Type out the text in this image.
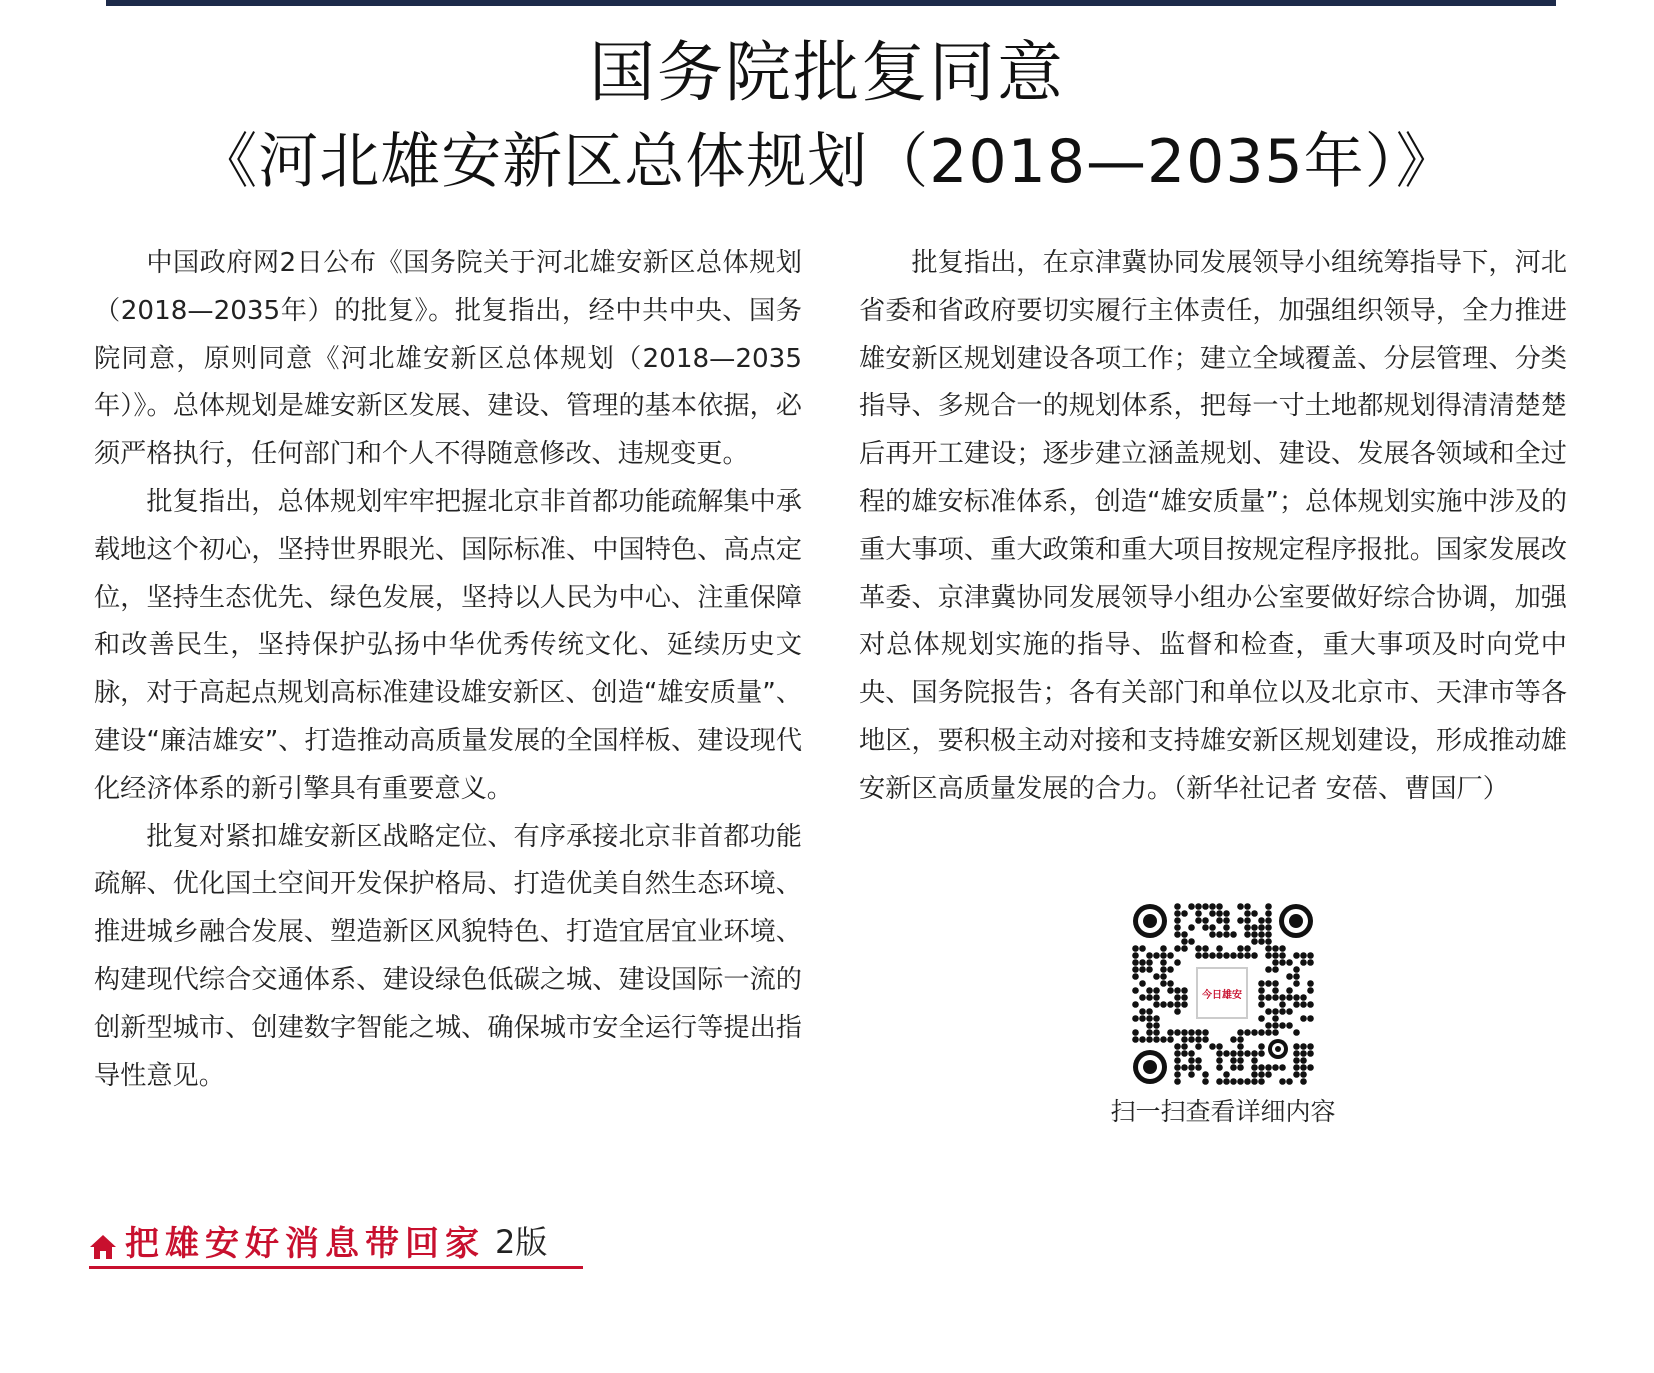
国务院批复同意
《河北雄安新区总体规划（2018—2035年）》

中国政府网2日公布《国务院关于河北雄安新区总体规划（2018—2035年）的批复》。批复指出，经中共中央、国务院同意，原则同意《河北雄安新区总体规划（2018—2035年）》。总体规划是雄安新区发展、建设、管理的基本依据，必须严格执行，任何部门和个人不得随意修改、违规变更。

批复指出，总体规划牢牢把握北京非首都功能疏解集中承载地这个初心，坚持世界眼光、国际标准、中国特色、高点定位，坚持生态优先、绿色发展，坚持以人民为中心、注重保障和改善民生，坚持保护弘扬中华优秀传统文化、延续历史文脉，对于高起点规划高标准建设雄安新区、创造“雄安质量”、建设“廉洁雄安”、打造推动高质量发展的全国样板、建设现代化经济体系的新引擎具有重要意义。

批复对紧扣雄安新区战略定位、有序承接北京非首都功能疏解、优化国土空间开发保护格局、打造优美自然生态环境、推进城乡融合发展、塑造新区风貌特色、打造宜居宜业环境、构建现代综合交通体系、建设绿色低碳之城、建设国际一流的创新型城市、创建数字智能之城、确保城市安全运行等提出指导性意见。

批复指出，在京津冀协同发展领导小组统筹指导下，河北省委和省政府要切实履行主体责任，加强组织领导，全力推进雄安新区规划建设各项工作；建立全域覆盖、分层管理、分类指导、多规合一的规划体系，把每一寸土地都规划得清清楚楚后再开工建设；逐步建立涵盖规划、建设、发展各领域和全过程的雄安标准体系，创造“雄安质量”；总体规划实施中涉及的重大事项、重大政策和重大项目按规定程序报批。国家发展改革委、京津冀协同发展领导小组办公室要做好综合协调，加强对总体规划实施的指导、监督和检查，重大事项及时向党中央、国务院报告；各有关部门和单位以及北京市、天津市等各地区，要积极主动对接和支持雄安新区规划建设，形成推动雄安新区高质量发展的合力。（新华社记者 安蓓、曹国厂）

今日雄安
扫一扫查看详细内容
把雄安好消息带回家 2版
